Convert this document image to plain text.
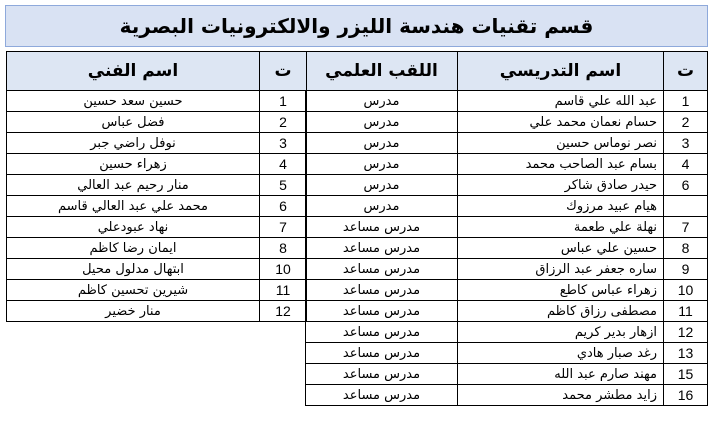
قسم تقنيات هندسة الليزر والالكترونيات البصرية
ت	اسم التدريسي	اللقب العلمي
1	عبد الله علي قاسم	مدرس
2	حسام نعمان محمد علي	مدرس
3	نصر نوماس حسين	مدرس
4	بسام عبد الصاحب محمد	مدرس
6	حيدر صادق شاكر	مدرس
	هيام عبيد مرزوك	مدرس
7	نهلة علي طعمة	مدرس مساعد
8	حسين علي عباس	مدرس مساعد
9	ساره جعفر عبد الرزاق	مدرس مساعد
10	زهراء عباس كاطع	مدرس مساعد
11	مصطفى رزاق كاظم	مدرس مساعد
12	ازهار بدير كريم	مدرس مساعد
13	رغد صبار هادي	مدرس مساعد
15	مهند صارم عبد الله	مدرس مساعد
16	زايد مطشر محمد	مدرس مساعد
ت	اسم الفني
1	حسين سعد حسين
2	فضل عباس
3	نوفل راضي جبر
4	زهراء حسين
5	منار رحيم عبد العالي
6	محمد علي عبد العالي قاسم
7	نهاد عبودعلي
8	ايمان رضا كاظم
10	ابتهال مدلول محيل
11	شيرين تحسين كاظم
12	منار خضير
